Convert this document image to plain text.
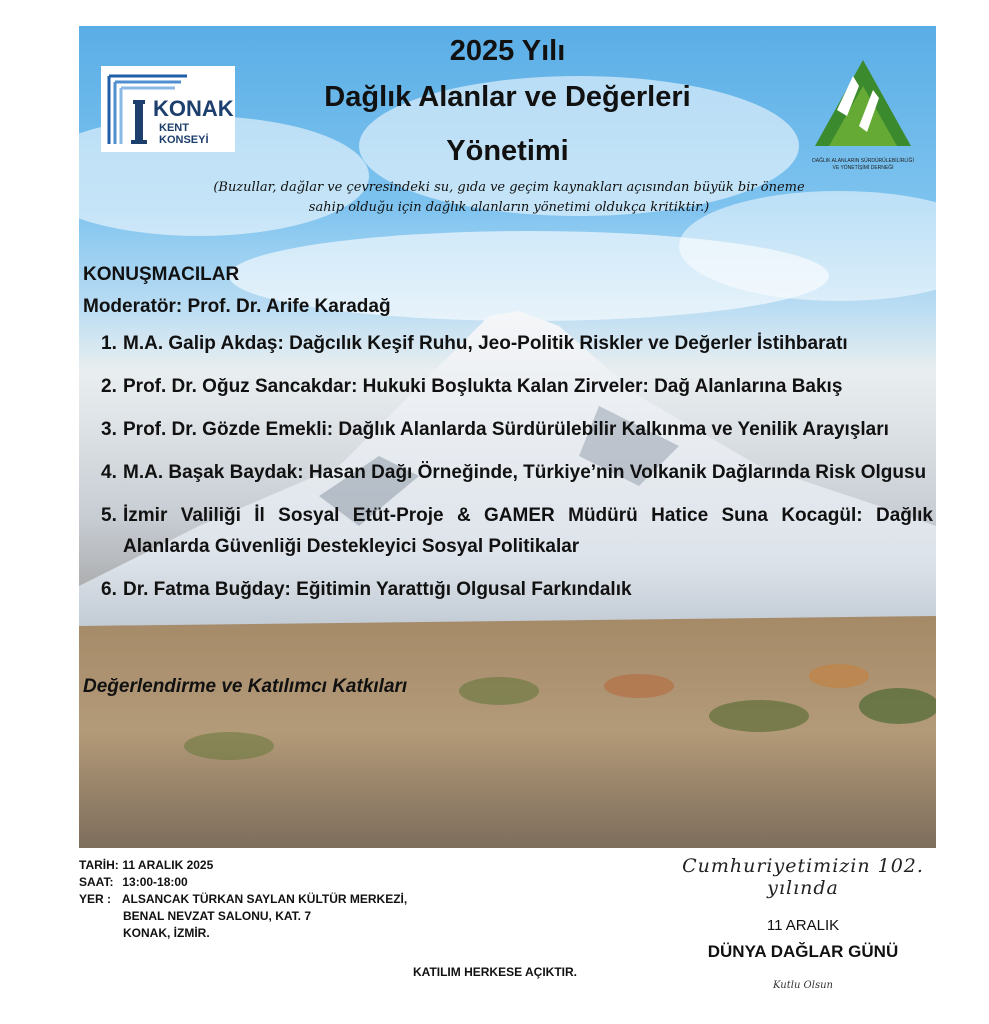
KONAK
KENT KONSEYİ
DAĞLIK ALANLARIN SÜRDÜRÜLEBİLİRLİĞİ
VE YÖNETİŞİMİ DERNEĞİ
2025 Yılı
Dağlık Alanlar ve Değerleri
Yönetimi
(Buzullar, dağlar ve çevresindeki su, gıda ve geçim kaynakları açısından büyük bir öneme
sahip olduğu için dağlık alanların yönetimi oldukça kritiktir.)
KONUŞMACILAR
Moderatör: Prof. Dr. Arife Karadağ
1. M.A. Galip Akdaş: Dağcılık Keşif Ruhu, Jeo-Politik Riskler ve Değerler İstihbaratı
2. Prof. Dr. Oğuz Sancakdar: Hukuki Boşlukta Kalan Zirveler: Dağ Alanlarına Bakış
3. Prof. Dr. Gözde Emekli: Dağlık Alanlarda Sürdürülebilir Kalkınma ve Yenilik Arayışları
4. M.A. Başak Baydak: Hasan Dağı Örneğinde, Türkiye’nin Volkanik Dağlarında Risk Olgusu
5. İzmir Valiliği İl Sosyal Etüt-Proje & GAMER Müdürü Hatice Suna Kocagül: Dağlık Alanlarda Güvenliği Destekleyici Sosyal Politikalar
6. Dr. Fatma Buğday: Eğitimin Yarattığı Olgusal Farkındalık
Değerlendirme ve Katılımcı Katkıları
TARİH: 11 ARALIK 2025
SAAT: 13:00-18:00
YER : ALSANCAK TÜRKAN SAYLAN KÜLTÜR MERKEZİ,
BENAL NEVZAT SALONU, KAT. 7
KONAK, İZMİR.
KATILIM HERKESE AÇIKTIR.
Cumhuriyetimizin 102. yılında
11 ARALIK
DÜNYA DAĞLAR GÜNÜ
Kutlu Olsun
